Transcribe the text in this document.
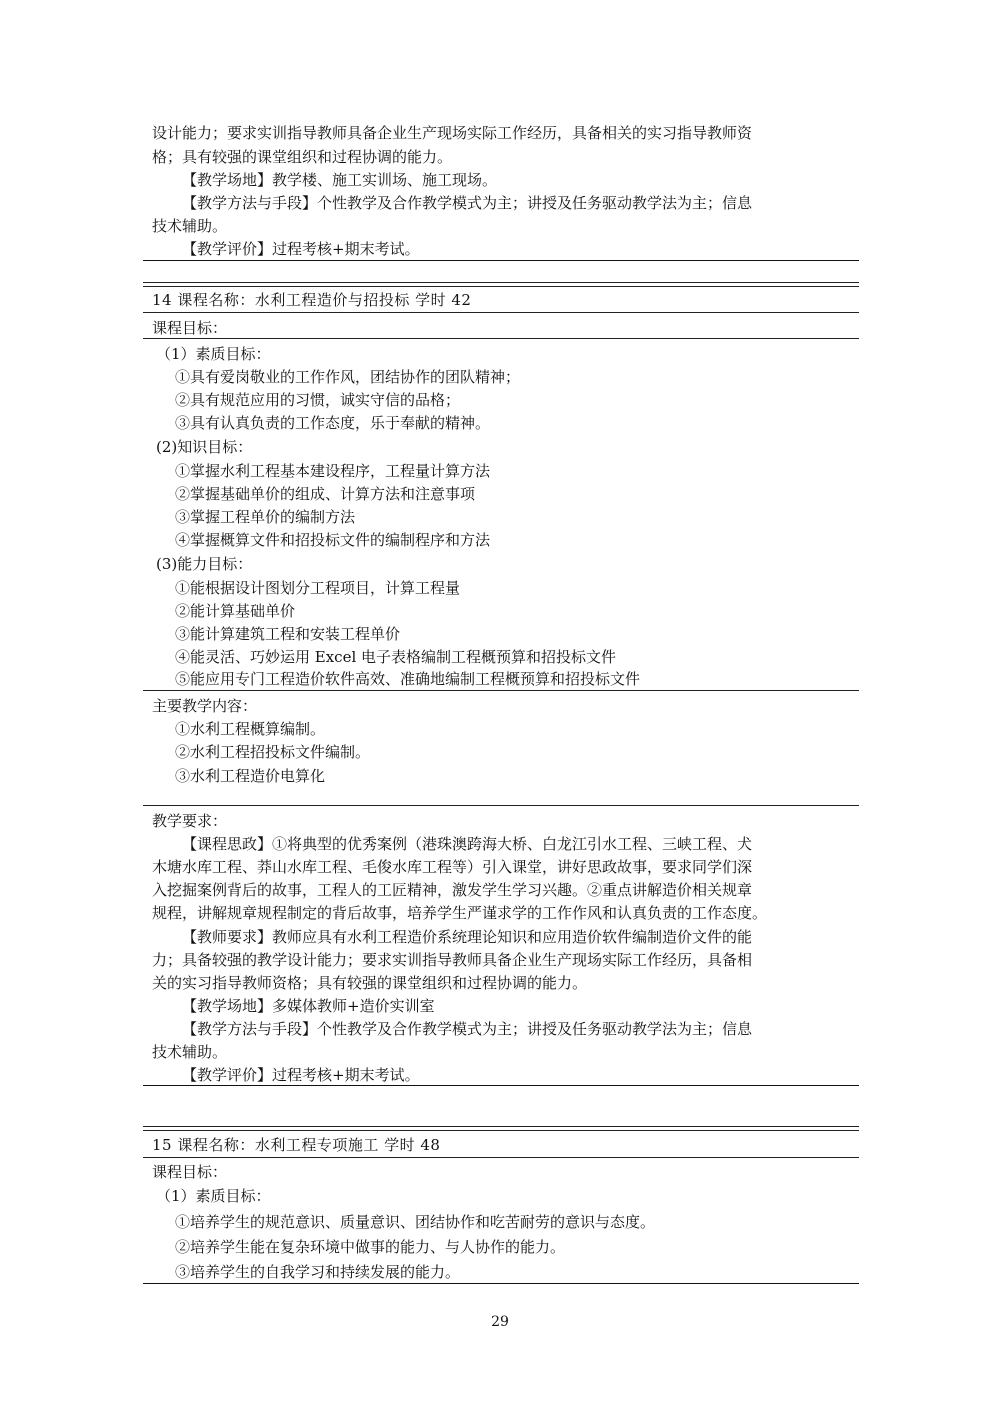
设计能力；要求实训指导教师具备企业生产现场实际工作经历，具备相关的实习指导教师资
格；具有较强的课堂组织和过程协调的能力。
【教学场地】教学楼、施工实训场、施工现场。
【教学方法与手段】个性教学及合作教学模式为主；讲授及任务驱动教学法为主；信息
技术辅助。
【教学评价】过程考核+期末考试。
14 课程名称：水利工程造价与招投标 学时 42
课程目标：
（1）素质目标：
①具有爱岗敬业的工作作风，团结协作的团队精神；
②具有规范应用的习惯，诚实守信的品格；
③具有认真负责的工作态度，乐于奉献的精神。
(2)知识目标：
①掌握水利工程基本建设程序，工程量计算方法
②掌握基础单价的组成、计算方法和注意事项
③掌握工程单价的编制方法
④掌握概算文件和招投标文件的编制程序和方法
(3)能力目标：
①能根据设计图划分工程项目，计算工程量
②能计算基础单价
③能计算建筑工程和安装工程单价
④能灵活、巧妙运用 Excel 电子表格编制工程概预算和招投标文件
⑤能应用专门工程造价软件高效、准确地编制工程概预算和招投标文件
主要教学内容：
①水利工程概算编制。
②水利工程招投标文件编制。
③水利工程造价电算化
教学要求：
【课程思政】①将典型的优秀案例（港珠澳跨海大桥、白龙江引水工程、三峡工程、犬
木塘水库工程、莽山水库工程、毛俊水库工程等）引入课堂，讲好思政故事，要求同学们深
入挖掘案例背后的故事，工程人的工匠精神，激发学生学习兴趣。②重点讲解造价相关规章
规程，讲解规章规程制定的背后故事，培养学生严谨求学的工作作风和认真负责的工作态度。
【教师要求】教师应具有水利工程造价系统理论知识和应用造价软件编制造价文件的能
力；具备较强的教学设计能力；要求实训指导教师具备企业生产现场实际工作经历，具备相
关的实习指导教师资格；具有较强的课堂组织和过程协调的能力。
【教学场地】多媒体教师+造价实训室
【教学方法与手段】个性教学及合作教学模式为主；讲授及任务驱动教学法为主；信息
技术辅助。
【教学评价】过程考核+期末考试。
15 课程名称：水利工程专项施工 学时 48
课程目标：
（1）素质目标：
①培养学生的规范意识、质量意识、团结协作和吃苦耐劳的意识与态度。
②培养学生能在复杂环境中做事的能力、与人协作的能力。
③培养学生的自我学习和持续发展的能力。
29
